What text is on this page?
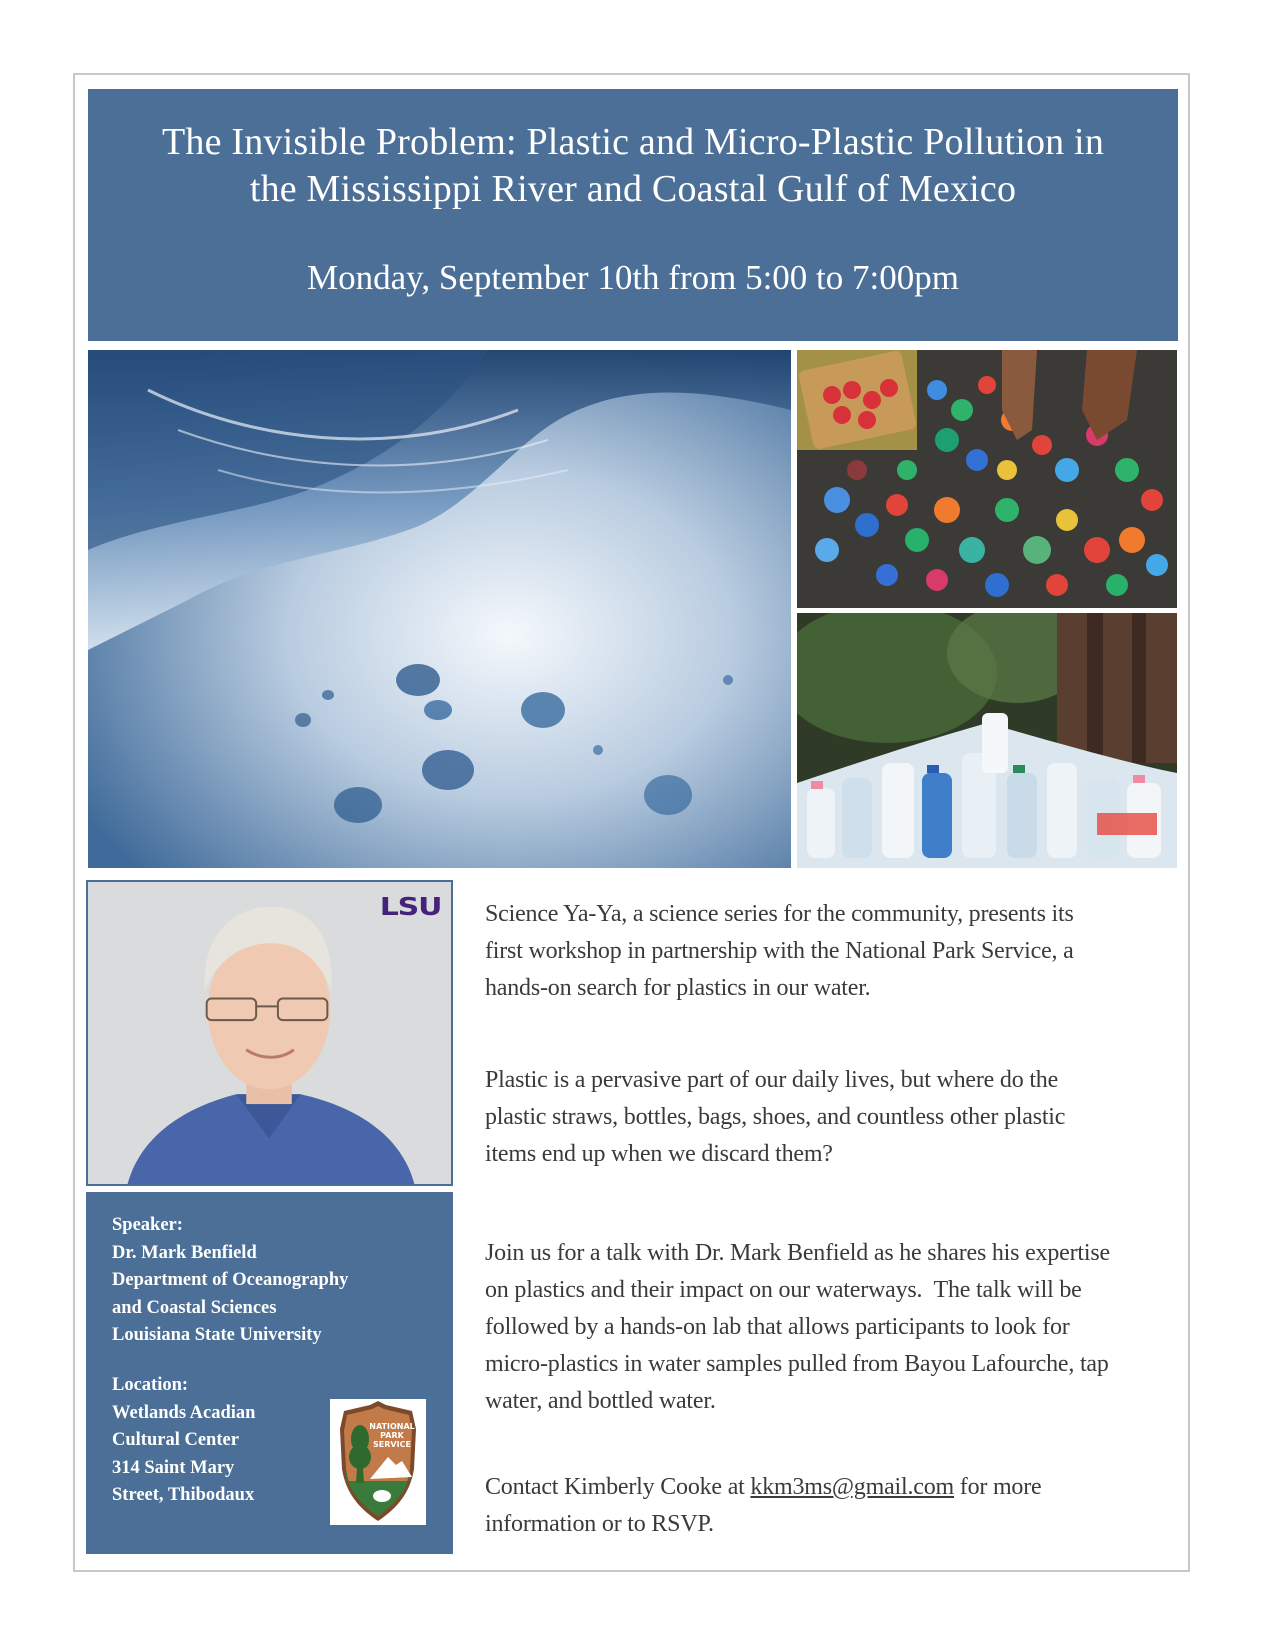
The Invisible Problem: Plastic and Micro-Plastic Pollution in
the Mississippi River and Coastal Gulf of Mexico
Monday, September 10th from 5:00 to 7:00pm
LSU
Speaker:
Dr. Mark Benfield
Department of Oceanography
and Coastal Sciences
Louisiana State University
Location:
Wetlands Acadian
Cultural Center
314 Saint Mary
Street, Thibodaux
NATIONAL
PARK
SERVICE
Science Ya-Ya, a science series for the community, presents its
first workshop in partnership with the National Park Service, a
hands-on search for plastics in our water.
Plastic is a pervasive part of our daily lives, but where do the
plastic straws, bottles, bags, shoes, and countless other plastic
items end up when we discard them?
Join us for a talk with Dr. Mark Benfield as he shares his expertise
on plastics and their impact on our waterways.  The talk will be
followed by a hands-on lab that allows participants to look for
micro-plastics in water samples pulled from Bayou Lafourche, tap
water, and bottled water.
Contact Kimberly Cooke at kkm3ms@gmail.com for more
information or to RSVP.
